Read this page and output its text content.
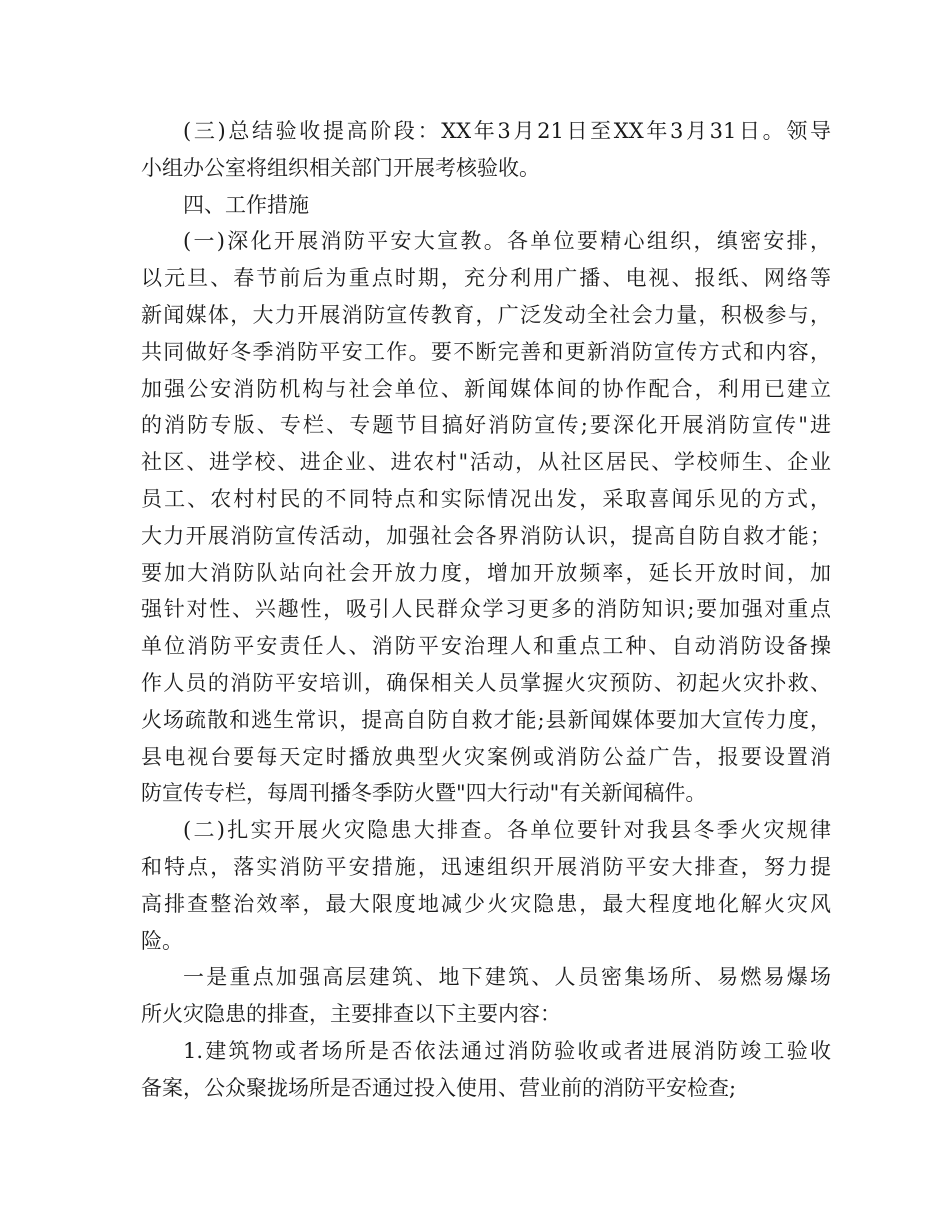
(三)总结验收提高阶段：XX年3月21日至XX年3月31日。领导
小组办公室将组织相关部门开展考核验收。
四、工作措施
(一)深化开展消防平安大宣教。各单位要精心组织，缜密安排，
以元旦、春节前后为重点时期，充分利用广播、电视、报纸、网络等
新闻媒体，大力开展消防宣传教育，广泛发动全社会力量，积极参与，
共同做好冬季消防平安工作。要不断完善和更新消防宣传方式和内容，
加强公安消防机构与社会单位、新闻媒体间的协作配合，利用已建立
的消防专版、专栏、专题节目搞好消防宣传;要深化开展消防宣传"进
社区、进学校、进企业、进农村"活动，从社区居民、学校师生、企业
员工、农村村民的不同特点和实际情况出发，采取喜闻乐见的方式，
大力开展消防宣传活动，加强社会各界消防认识，提高自防自救才能；
要加大消防队站向社会开放力度，增加开放频率，延长开放时间，加
强针对性、兴趣性，吸引人民群众学习更多的消防知识;要加强对重点
单位消防平安责任人、消防平安治理人和重点工种、自动消防设备操
作人员的消防平安培训，确保相关人员掌握火灾预防、初起火灾扑救、
火场疏散和逃生常识，提高自防自救才能;县新闻媒体要加大宣传力度，
县电视台要每天定时播放典型火灾案例或消防公益广告，报要设置消
防宣传专栏，每周刊播冬季防火暨"四大行动"有关新闻稿件。
(二)扎实开展火灾隐患大排查。各单位要针对我县冬季火灾规律
和特点，落实消防平安措施，迅速组织开展消防平安大排查，努力提
高排查整治效率，最大限度地减少火灾隐患，最大程度地化解火灾风
险。
一是重点加强高层建筑、地下建筑、人员密集场所、易燃易爆场
所火灾隐患的排查，主要排查以下主要内容：
1.建筑物或者场所是否依法通过消防验收或者进展消防竣工验收
备案，公众聚拢场所是否通过投入使用、营业前的消防平安检查;
